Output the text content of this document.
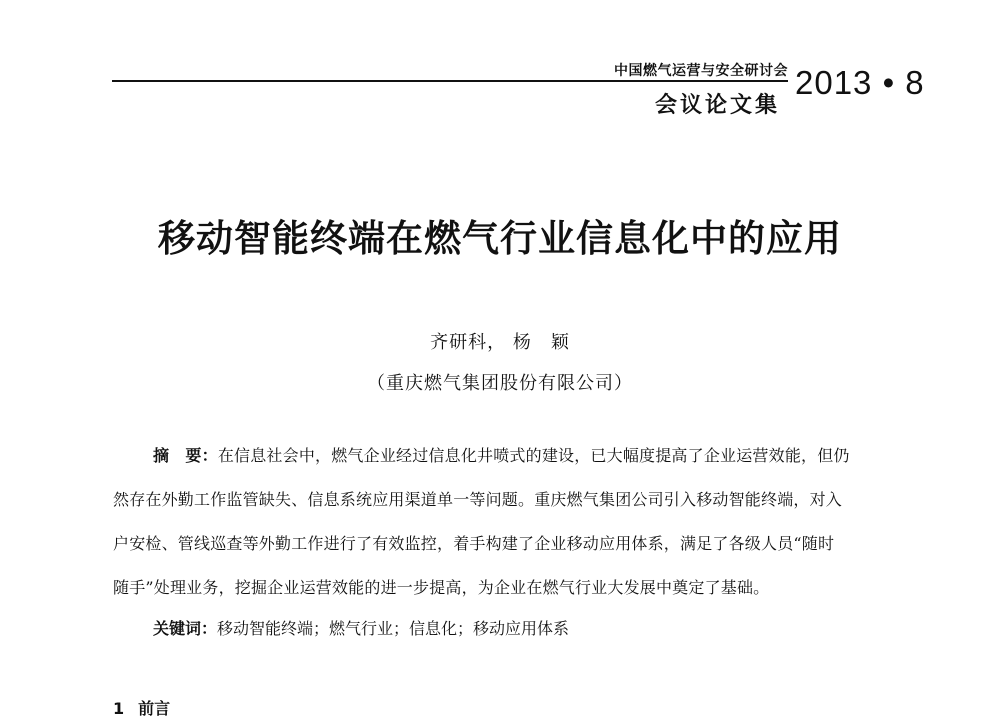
中国燃气运营与安全研讨会
会议论文集
2013 • 8
移动智能终端在燃气行业信息化中的应用
齐研科， 杨　颖
（重庆燃气集团股份有限公司）
摘　要：在信息社会中，燃气企业经过信息化井喷式的建设，已大幅度提高了企业运营效能，但仍
然存在外勤工作监管缺失、信息系统应用渠道单一等问题。重庆燃气集团公司引入移动智能终端，对入
户安检、管线巡查等外勤工作进行了有效监控，着手构建了企业移动应用体系，满足了各级人员“随时
随手”处理业务，挖掘企业运营效能的进一步提高，为企业在燃气行业大发展中奠定了基础。
关键词：移动智能终端；燃气行业；信息化；移动应用体系
1 前言
